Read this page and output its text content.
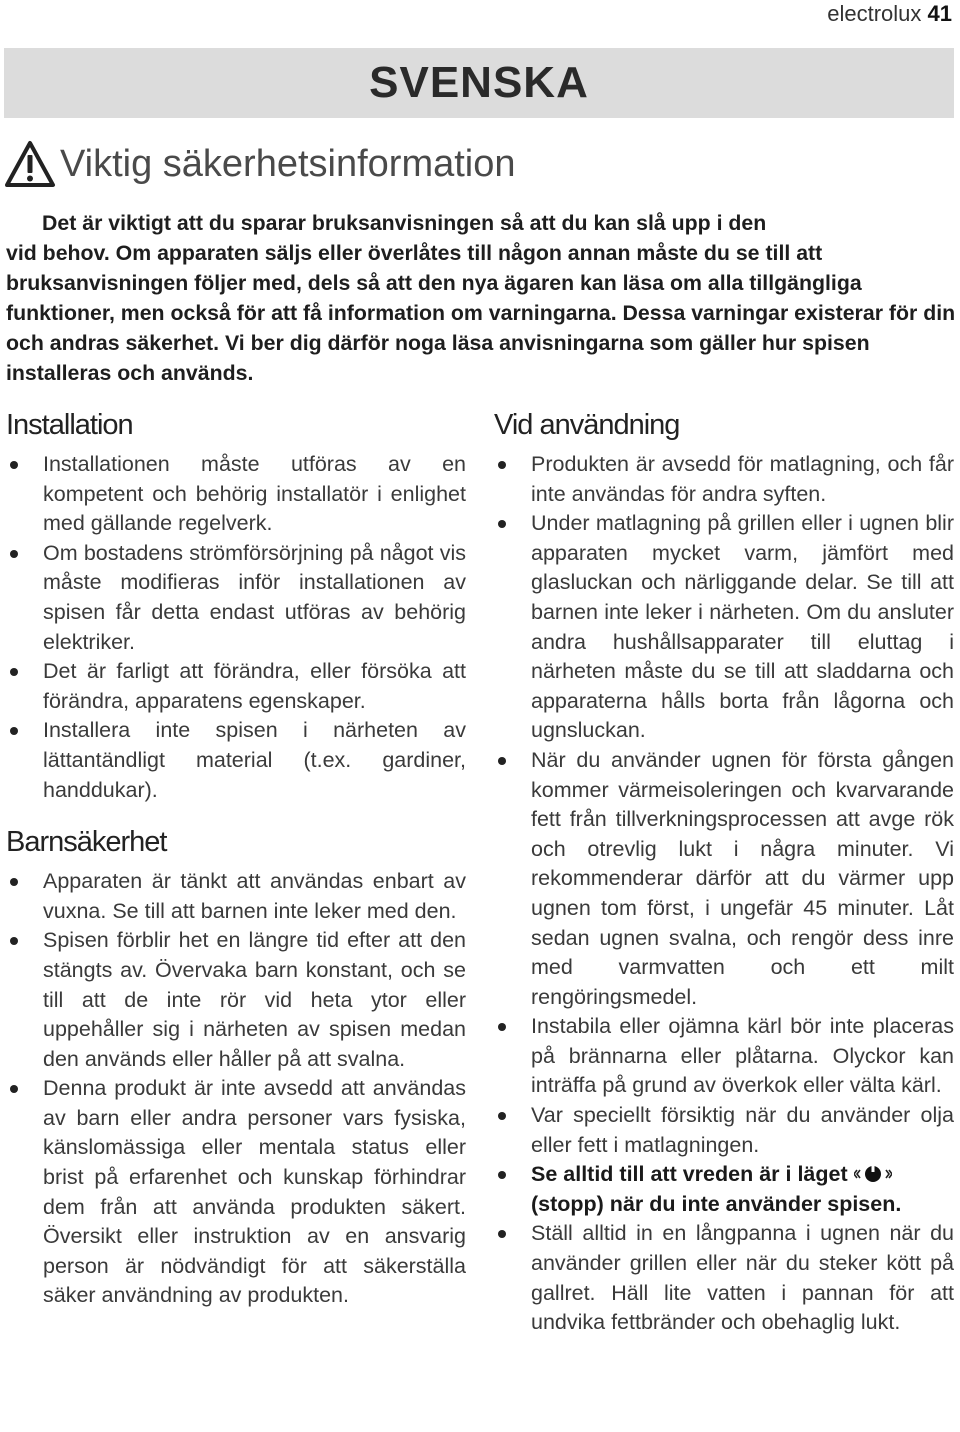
electrolux 41
SVENSKA
Viktig säkerhetsinformation

Det är viktigt att du sparar bruksanvisningen så att du kan slå upp i den

vid behov. Om apparaten säljs eller överlåtes till någon annan måste du se till att bruksanvisningen följer med, dels så att den nya ägaren kan läsa om alla tillgängliga funktioner, men också för att få information om varningarna. Dessa varningar existerar för din och andras säkerhet. Vi ber dig därför noga läsa anvisningarna som gäller hur spisen installeras och används.

Installation
Installationen måste utföras av en kompetent och behörig installatör i enlighet med gällande regelverk.
Om bostadens strömförsörjning på något vis måste modifieras inför installationen av spisen får detta endast utföras av behörig elektriker.
Det är farligt att förändra, eller försöka att förändra, apparatens egenskaper.
Installera inte spisen i närheten av lättantändligt material (t.ex. gardiner, handdukar).
Barnsäkerhet
Apparaten är tänkt att användas enbart av vuxna. Se till att barnen inte leker med den.
Spisen förblir het en längre tid efter att den stängts av. Övervaka barn konstant, och se till att de inte rör vid heta ytor eller uppehåller sig i närheten av spisen medan den används eller håller på att svalna.
Denna produkt är inte avsedd att användas av barn eller andra personer vars fysiska, känslomässiga eller mentala status eller brist på erfarenhet och kunskap förhindrar dem från att använda produkten säkert. Översikt eller instruktion av en ansvarig person är nödvändigt för att säkerställa säker användning av produkten.
Vid användning
Produkten är avsedd för matlagning, och får inte användas för andra syften.
Under matlagning på grillen eller i ugnen blir apparaten mycket varm, jämfört med glasluckan och närliggande delar. Se till att barnen inte leker i närheten. Om du ansluter andra hushållsapparater till eluttag i närheten måste du se till att sladdarna och apparaterna hålls borta från lågorna och ugnsluckan.
När du använder ugnen för första gången kommer värmeisoleringen och kvarvarande fett från tillverkningsprocessen att avge rök och otrevlig lukt i några minuter. Vi rekommenderar därför att du värmer upp ugnen tom först, i ungefär 45 minuter. Låt sedan ugnen svalna, och rengör dess inre med varmvatten och ett milt rengöringsmedel.
Instabila eller ojämna kärl bör inte placeras på brännarna eller plåtarna. Olyckor kan inträffa på grund av överkok eller välta kärl.
Var speciellt försiktig när du använder olja eller fett i matlagningen.
Se alltid till att vreden är i läget (stopp) när du inte använder spisen.
Ställ alltid in en långpanna i ugnen när du använder grillen eller när du steker kött på gallret. Häll lite vatten i pannan för att undvika fettbränder och obehaglig lukt.
